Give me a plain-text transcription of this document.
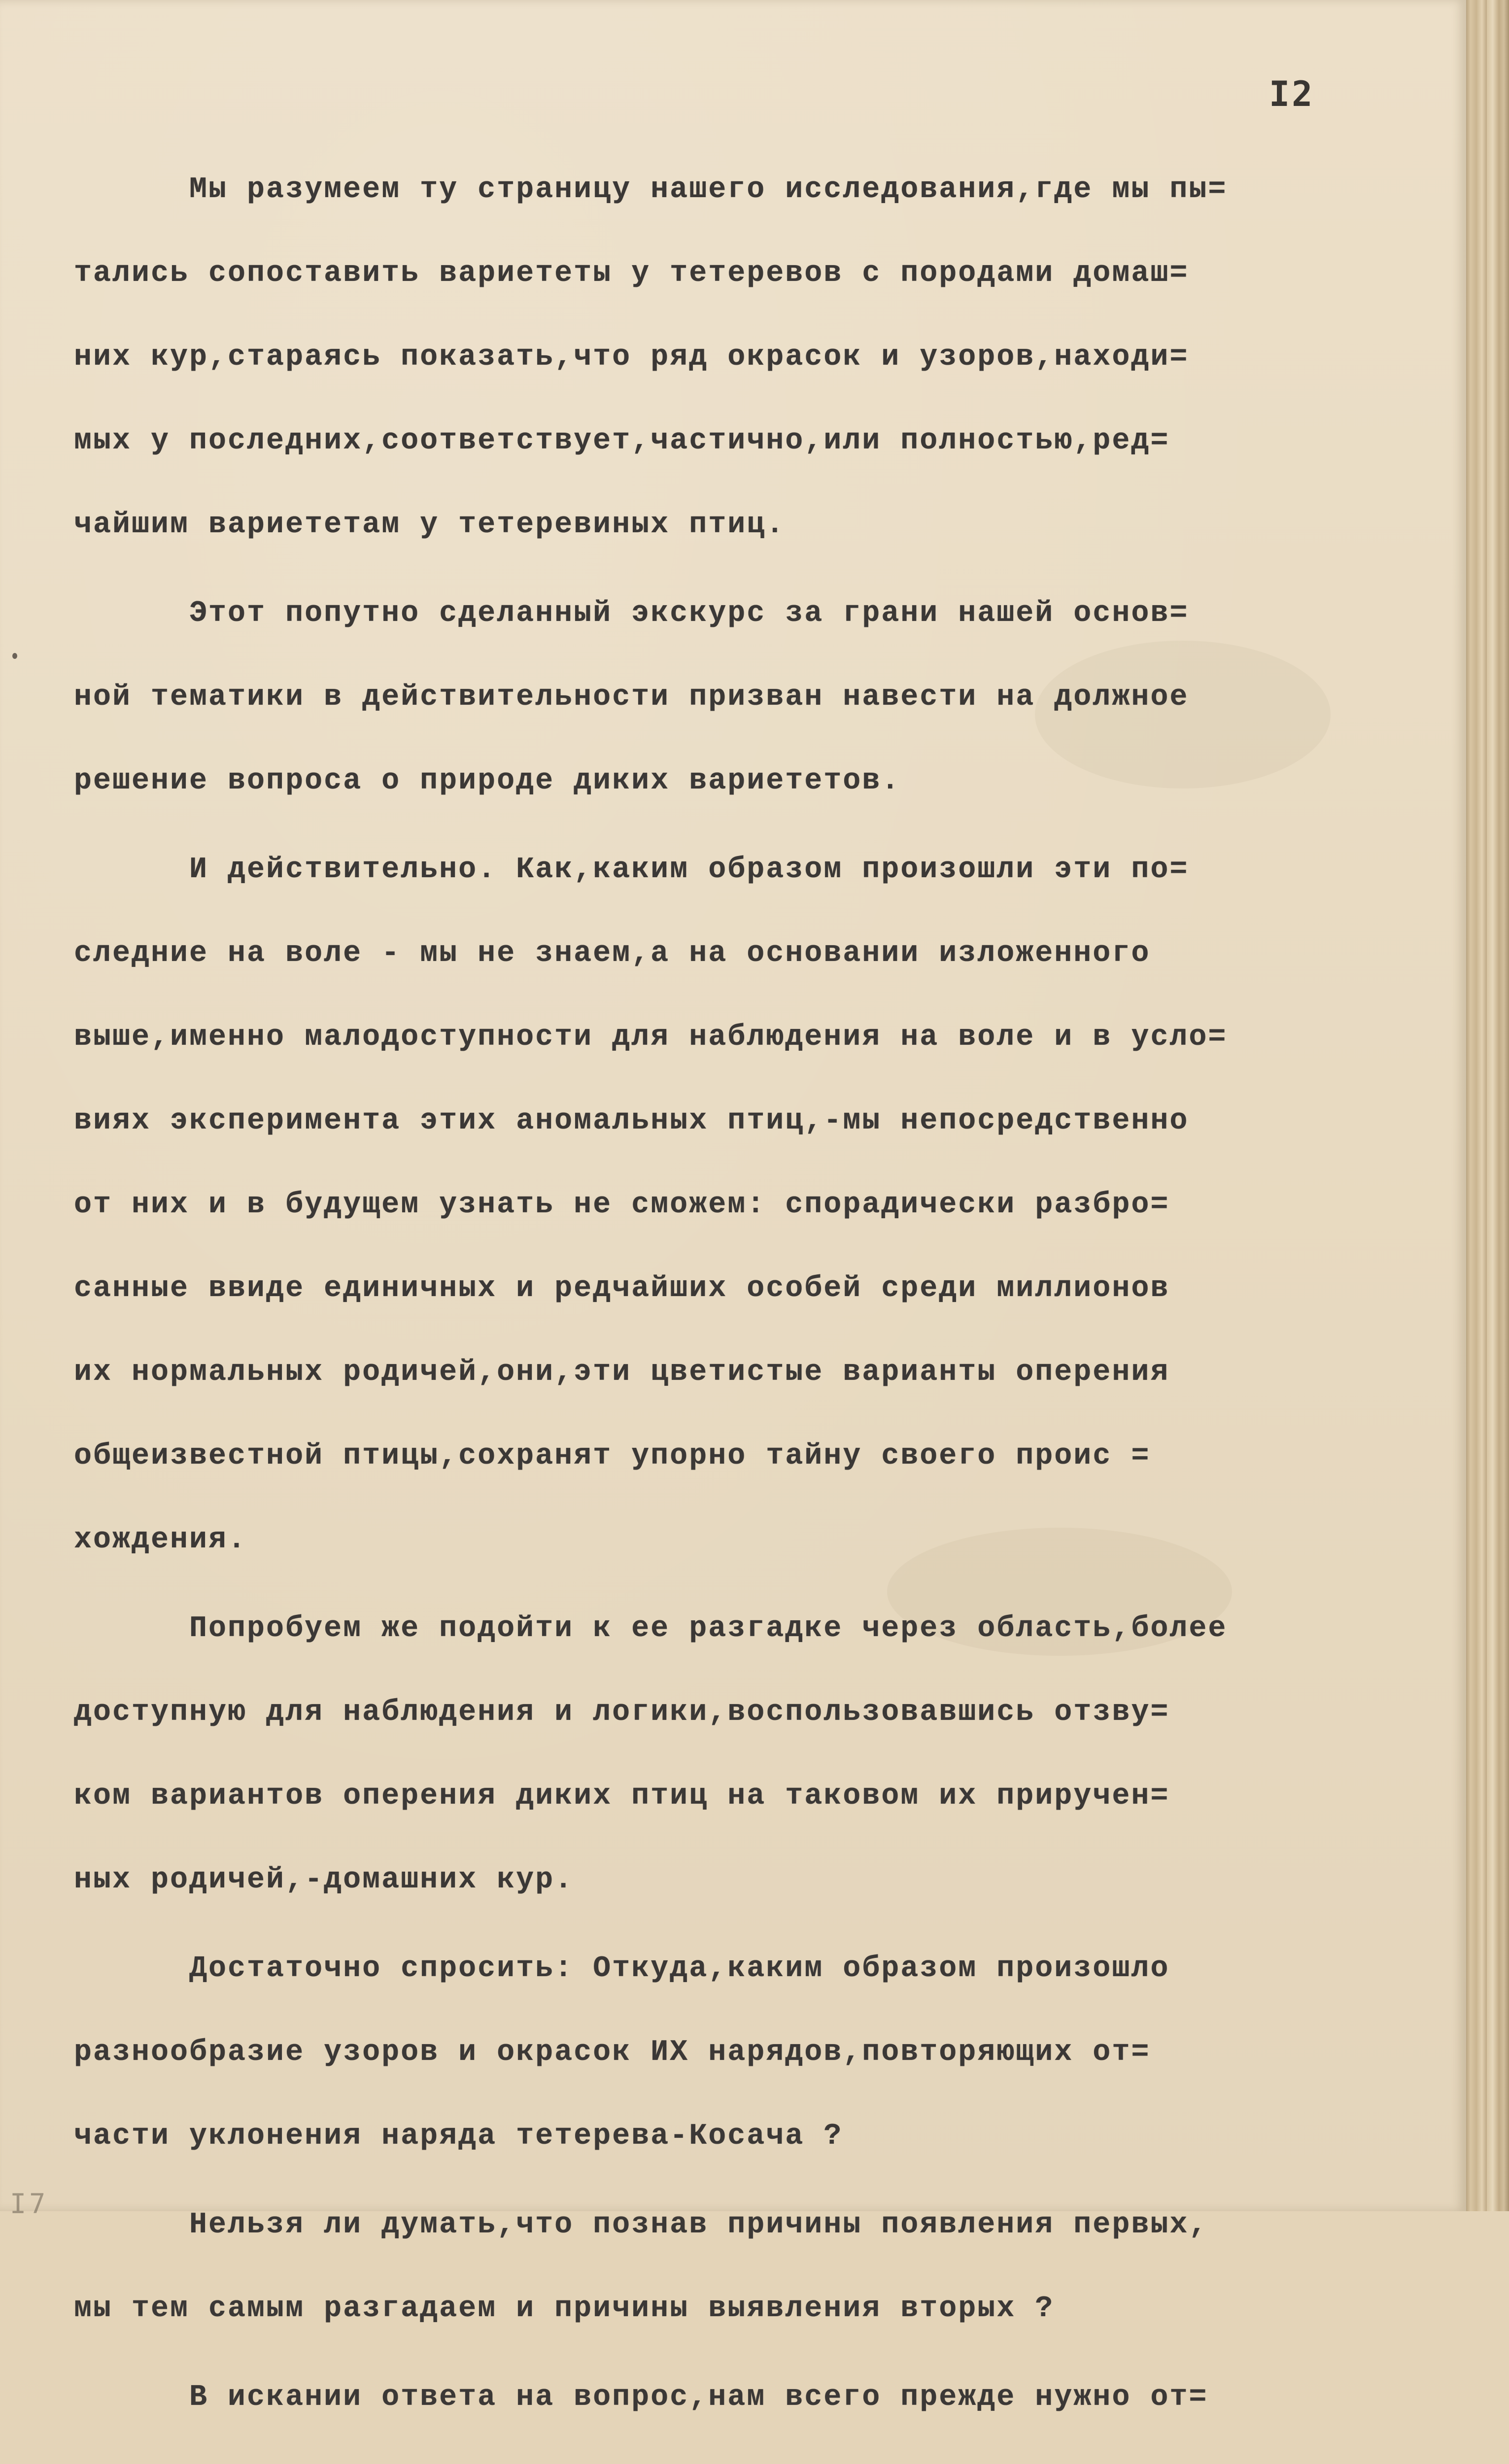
I2
Мы разумеем ту страницу нашего исследования,где мы пы=
тались сопоставить вариететы у тетеревов с породами домаш=
них кур,стараясь показать,что ряд окрасок и узоров,находи=
мых у последних,соответствует,частично,или полностью,ред=
чайшим вариететам у тетеревиных птиц.
Этот попутно сделанный экскурс за грани нашей основ=
ной тематики в действительности призван навести на должное
решение вопроса о природе диких вариететов.
И действительно. Как,каким образом произошли эти по=
следние на воле - мы не знаем,а на основании изложенного
выше,именно малодоступности для наблюдения на воле и в усло=
виях эксперимента этих аномальных птиц,-мы непосредственно
от них и в будущем узнать не сможем: спорадически разбро=
санные ввиде единичных и редчайших особей среди миллионов
их нормальных родичей,они,эти цветистые варианты оперения
общеизвестной птицы,сохранят упорно тайну своего проис =
хождения.
Попробуем же подойти к ее разгадке через область,более
доступную для наблюдения и логики,воспользовавшись отзву=
ком вариантов оперения диких птиц на таковом их приручен=
ных родичей,-домашних кур.
Достаточно спросить: Откуда,каким образом произошло
разнообразие узоров и окрасок ИХ нарядов,повторяющих от=
части уклонения наряда тетерева-Косача ?
Нельзя ли думать,что познав причины появления первых,
мы тем самым разгадаем и причины выявления вторых ?
В искании ответа на вопрос,нам всего прежде нужно от=
I7
